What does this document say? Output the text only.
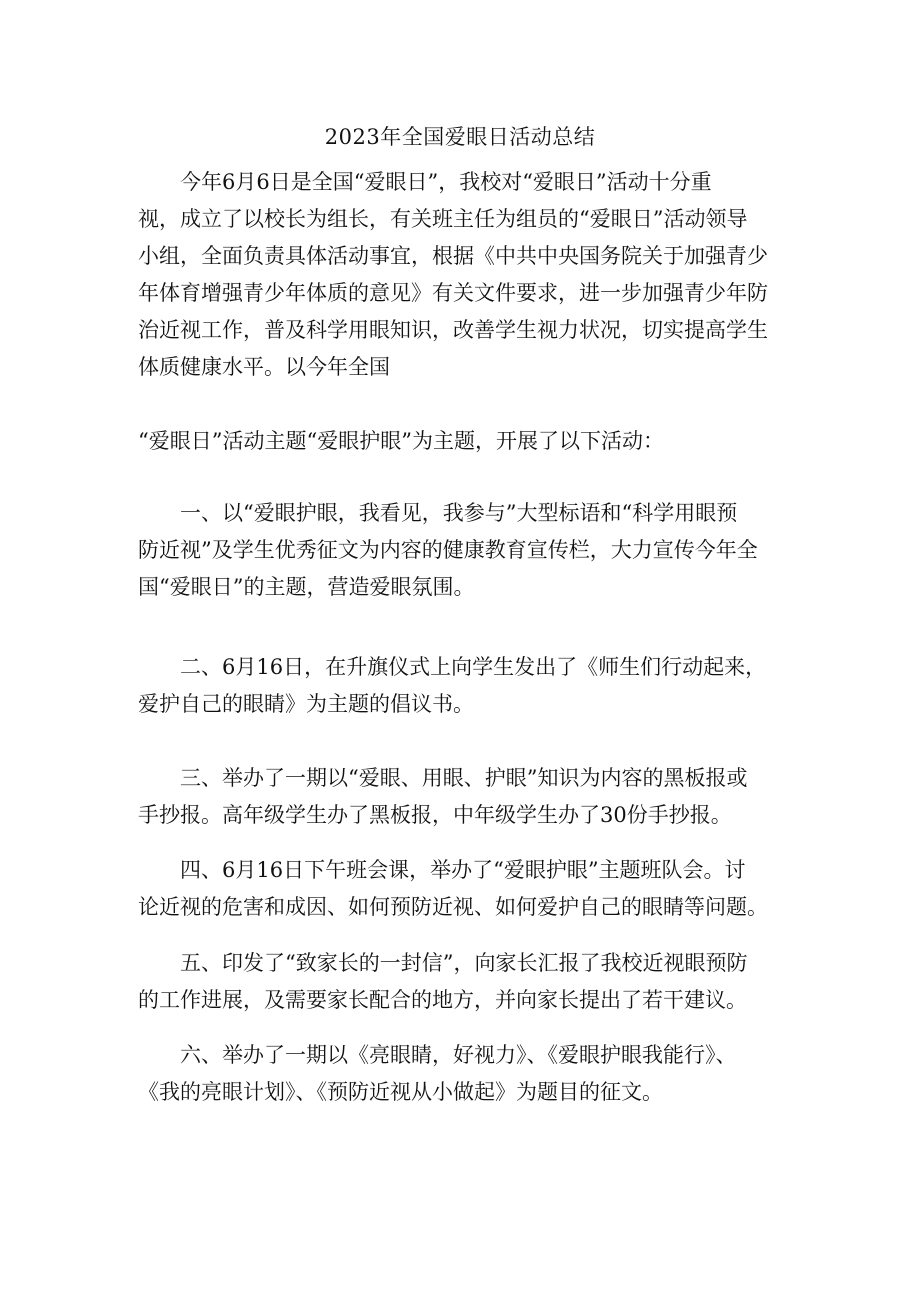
2023年全国爱眼日活动总结
今年6月6日是全国“爱眼日”，我校对“爱眼日”活动十分重
视，成立了以校长为组长，有关班主任为组员的“爱眼日”活动领导
小组，全面负责具体活动事宜，根据《中共中央国务院关于加强青少
年体育增强青少年体质的意见》有关文件要求，进一步加强青少年防
治近视工作，普及科学用眼知识，改善学生视力状况，切实提高学生
体质健康水平。以今年全国
“爱眼日”活动主题“爱眼护眼”为主题，开展了以下活动：
一、以“爱眼护眼，我看见，我参与”大型标语和“科学用眼预
防近视”及学生优秀征文为内容的健康教育宣传栏，大力宣传今年全
国“爱眼日”的主题，营造爱眼氛围。
二、6月16日，在升旗仪式上向学生发出了《师生们行动起来，
爱护自己的眼睛》为主题的倡议书。
三、举办了一期以“爱眼、用眼、护眼”知识为内容的黑板报或
手抄报。高年级学生办了黑板报，中年级学生办了30份手抄报。
四、6月16日下午班会课，举办了“爱眼护眼”主题班队会。讨
论近视的危害和成因、如何预防近视、如何爱护自己的眼睛等问题。
五、印发了“致家长的一封信”，向家长汇报了我校近视眼预防
的工作进展，及需要家长配合的地方，并向家长提出了若干建议。
六、举办了一期以《亮眼睛，好视力》、《爱眼护眼我能行》、
《我的亮眼计划》、《预防近视从小做起》为题目的征文。
